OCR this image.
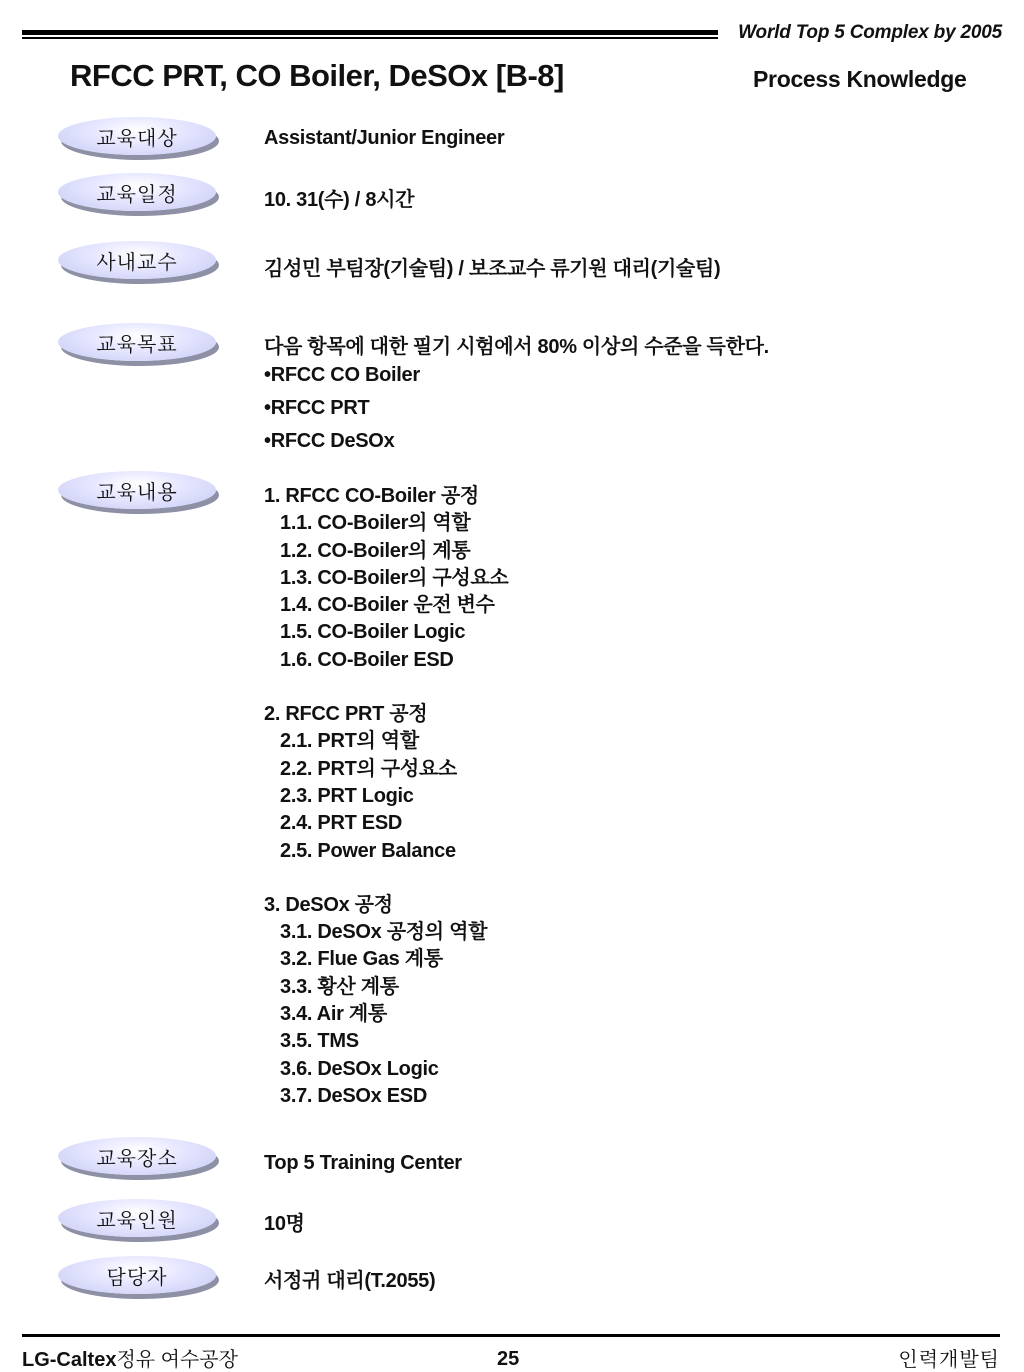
World Top 5 Complex by 2005
RFCC PRT, CO Boiler, DeSOx [B-8]	Process Knowledge
교육대상	Assistant/Junior Engineer
교육일정	10. 31(수) / 8시간
사내교수	김성민 부팀장(기술팀) / 보조교수 류기원 대리(기술팀)
교육목표	다음 항목에 대한 필기 시험에서 80% 이상의 수준을 득한다.
•RFCC CO Boiler
•RFCC PRT
•RFCC DeSOx
교육내용	1. RFCC CO-Boiler 공정
1.1. CO-Boiler의 역할
1.2. CO-Boiler의 계통
1.3. CO-Boiler의 구성요소
1.4. CO-Boiler 운전 변수
1.5. CO-Boiler Logic
1.6. CO-Boiler ESD
2. RFCC PRT 공정
2.1. PRT의 역할
2.2. PRT의 구성요소
2.3. PRT Logic
2.4. PRT ESD
2.5. Power Balance
3. DeSOx 공정
3.1. DeSOx 공정의 역할
3.2. Flue Gas 계통
3.3. 황산 계통
3.4. Air 계통
3.5. TMS
3.6. DeSOx Logic
3.7. DeSOx ESD
교육장소	Top 5 Training Center
교육인원	10명
담당자	서정귀 대리(T.2055)
LG-Caltex정유 여수공장	25	인력개발팀
